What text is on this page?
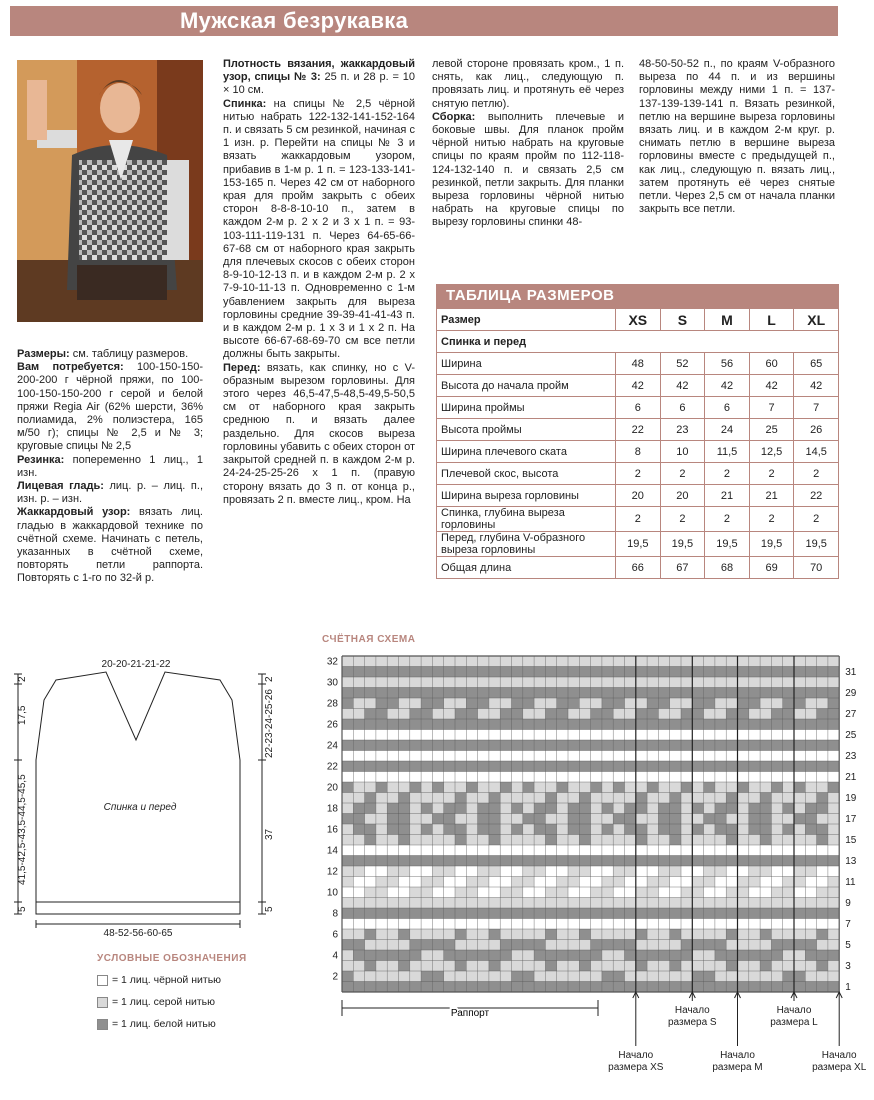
Мужская безрукавка

Размеры: см. таблицу размеров.

Вам потребуется: 100-150-150-200-200 г чёрной пряжи, по 100-100-150-150-200 г серой и белой пряжи Regia Air (62% шерсти, 36% полиамида, 2% полиэстера, 165 м/50 г); спицы № 2,5 и № 3; круговые спицы № 2,5

Резинка: попеременно 1 лиц., 1 изн.

Лицевая гладь: лиц. р. – лиц. п., изн. р. – изн.

Жаккардовый узор: вязать лиц. гладью в жаккардовой технике по счётной схеме. Начинать с петель, указанных в счётной схеме, повторять петли раппорта. Повторять с 1-го по 32-й р.

Плотность вязания, жаккардовый узор, спицы № 3: 25 п. и 28 р. = 10 × 10 см.

Спинка: на спицы № 2,5 чёрной нитью набрать 122-132-141-152-164 п. и связать 5 см резинкой, начиная с 1 изн. р. Перейти на спицы № 3 и вязать жаккардовым узором, прибавив в 1-м р. 1 п. = 123-133-141-153-165 п. Через 42 см от наборного края для пройм закрыть с обеих сторон 8-8-8-10-10 п., затем в каждом 2-м р. 2 х 2 и 3 х 1 п. = 93-103-111-119-131 п. Через 64-65-66-67-68 см от наборного края закрыть для плечевых скосов с обеих сторон 8-9-10-12-13 п. и в каждом 2-м р. 2 х 7-9-10-11-13 п. Одновременно с 1-м убавлением закрыть для выреза горловины средние 39-39-41-41-43 п. и в каждом 2-м р. 1 х 3 и 1 х 2 п. На высоте 66-67-68-69-70 см все петли должны быть закрыты.

Перед: вязать, как спинку, но с V-образным вырезом горловины. Для этого через 46,5-47,5-48,5-49,5-50,5 см от наборного края закрыть среднюю п. и вязать далее раздельно. Для скосов выреза горловины убавить с обеих сторон от закрытой средней п. в каждом 2-м р. 24-24-25-25-26 х 1 п. (правую сторону вязать до 3 п. от конца р., провязать 2 п. вместе лиц., кром. На

левой стороне провязать кром., 1 п. снять, как лиц., следующую п. провязать лиц. и протянуть её через снятую петлю).

Сборка: выполнить плечевые и боковые швы. Для планок пройм чёрной нитью набрать на круговые спицы по краям пройм по 112-118-124-132-140 п. и связать 2,5 см резинкой, петли закрыть. Для планки выреза горловины чёрной нитью набрать на круговые спицы по вырезу горловины спинки 48-

48-50-50-52 п., по краям V-образного выреза по 44 п. и из вершины горловины между ними 1 п. = 137-137-139-139-141 п. Вязать резинкой, петлю на вершине выреза горловины вязать лиц. и в каждом 2-м круг. р. снимать петлю в вершине выреза горловины вместе с предыдущей п., как лиц., следующую п. вязать лиц., затем протянуть её через снятые петли. Через 2,5 см от начала планки закрыть все петли.

ТАБЛИЦА РАЗМЕРОВ
Размер	XS	S	M	L	XL
Спинка и перед					
Ширина	48	52	56	60	65
Высота до начала пройм	42	42	42	42	42
Ширина проймы	6	6	6	7	7
Высота проймы	22	23	24	25	26
Ширина плечевого ската	8	10	11,5	12,5	14,5
Плечевой скос, высота	2	2	2	2	2
Ширина выреза горловины	20	20	21	21	22
Спинка, глубина выреза горловины	2	2	2	2	2
Перед, глубина V-образного выреза горловины	19,5	19,5	19,5	19,5	19,5
Общая длина	66	67	68	69	70
20-20-21-21-22
48-52-56-60-65
Спинка и перед
2
17,5
41,5-42,5-43,5-44,5-45,5
5
2
22-23-24-25-26
37
5
СЧЁТНАЯ СХЕМА
32
30
28
26
24
22
20
18
16
14
12
10
8
6
4
2
31
29
27
25
23
21
19
17
15
13
11
9
7
5
3
1
Раппорт
Начало
размера XS
Начало
размера S
Начало
размера M
Начало
размера L
Начало
размера XL
УСЛОВНЫЕ ОБОЗНАЧЕНИЯ
= 1 лиц. чёрной нитью
= 1 лиц. серой нитью
= 1 лиц. белой нитью
